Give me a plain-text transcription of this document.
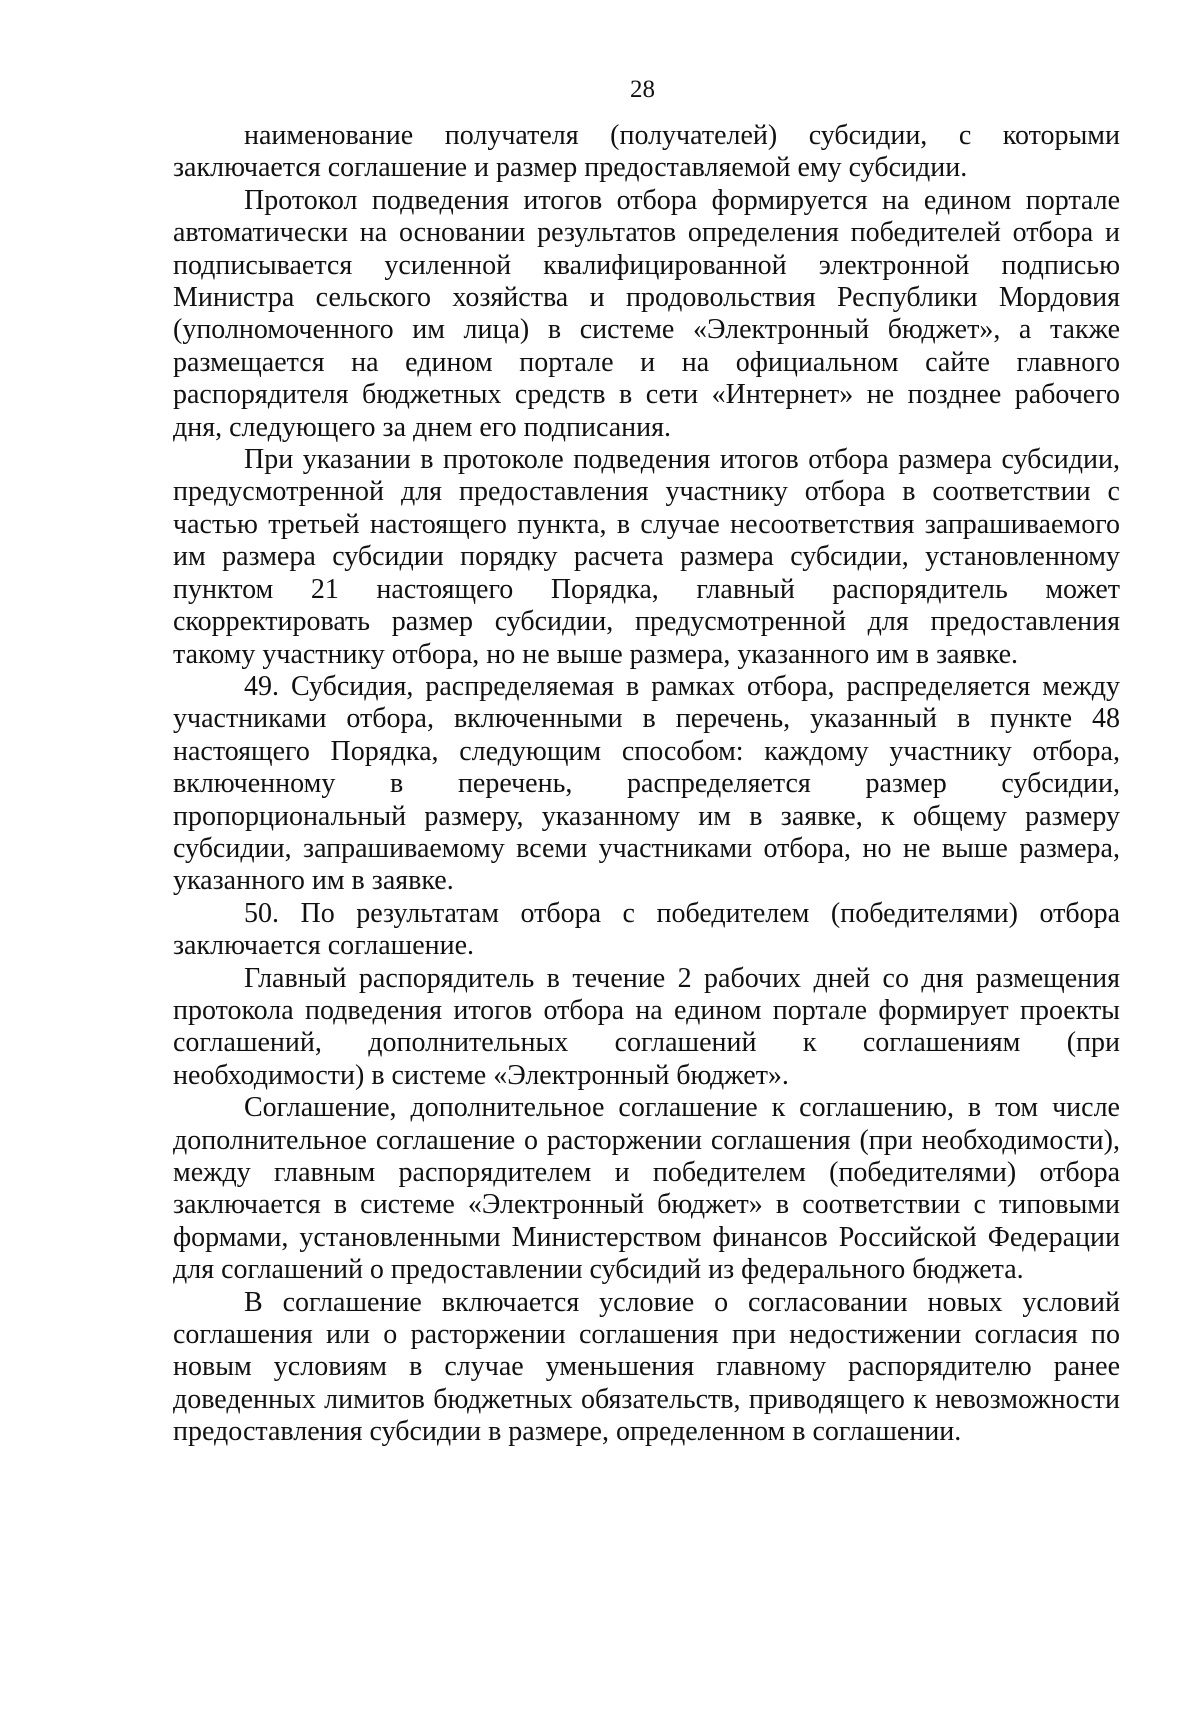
28

наименование получателя (получателей) субсидии, с которыми заключается соглашение и размер предоставляемой ему субсидии.

Протокол подведения итогов отбора формируется на едином портале автоматически на основании результатов определения победителей отбора и подписывается усиленной квалифицированной электронной подписью Министра сельского хозяйства и продовольствия Республики Мордовия (уполномоченного им лица) в системе «Электронный бюджет», а также размещается на едином портале и на официальном сайте главного распорядителя бюджетных средств в сети «Интернет» не позднее рабочего дня, следующего за днем его подписания.

При указании в протоколе подведения итогов отбора размера субсидии, предусмотренной для предоставления участнику отбора в соответствии с частью третьей настоящего пункта, в случае несоответствия запрашиваемого им размера субсидии порядку расчета размера субсидии, установленному пунктом 21 настоящего Порядка, главный распорядитель может скорректировать размер субсидии, предусмотренной для предоставления такому участнику отбора, но не выше размера, указанного им в заявке.

49. Субсидия, распределяемая в рамках отбора, распределяется между участниками отбора, включенными в перечень, указанный в пункте 48 настоящего Порядка, следующим способом: каждому участнику отбора, включенному в перечень, распределяется размер субсидии, пропорциональный размеру, указанному им в заявке, к общему размеру субсидии, запрашиваемому всеми участниками отбора, но не выше размера, указанного им в заявке.

50. По результатам отбора с победителем (победителями) отбора заключается соглашение.

Главный распорядитель в течение 2 рабочих дней со дня размещения протокола подведения итогов отбора на едином портале формирует проекты соглашений, дополнительных соглашений к соглашениям (при необходимости) в системе «Электронный бюджет».

Соглашение, дополнительное соглашение к соглашению, в том числе дополнительное соглашение о расторжении соглашения (при необходимости), между главным распорядителем и победителем (победителями) отбора заключается в системе «Электронный бюджет» в соответствии с типовыми формами, установленными Министерством финансов Российской Федерации для соглашений о предоставлении субсидий из федерального бюджета.

В соглашение включается условие о согласовании новых условий соглашения или о расторжении соглашения при недостижении согласия по новым условиям в случае уменьшения главному распорядителю ранее доведенных лимитов бюджетных обязательств, приводящего к невозможности предоставления субсидии в размере, определенном в соглашении.
